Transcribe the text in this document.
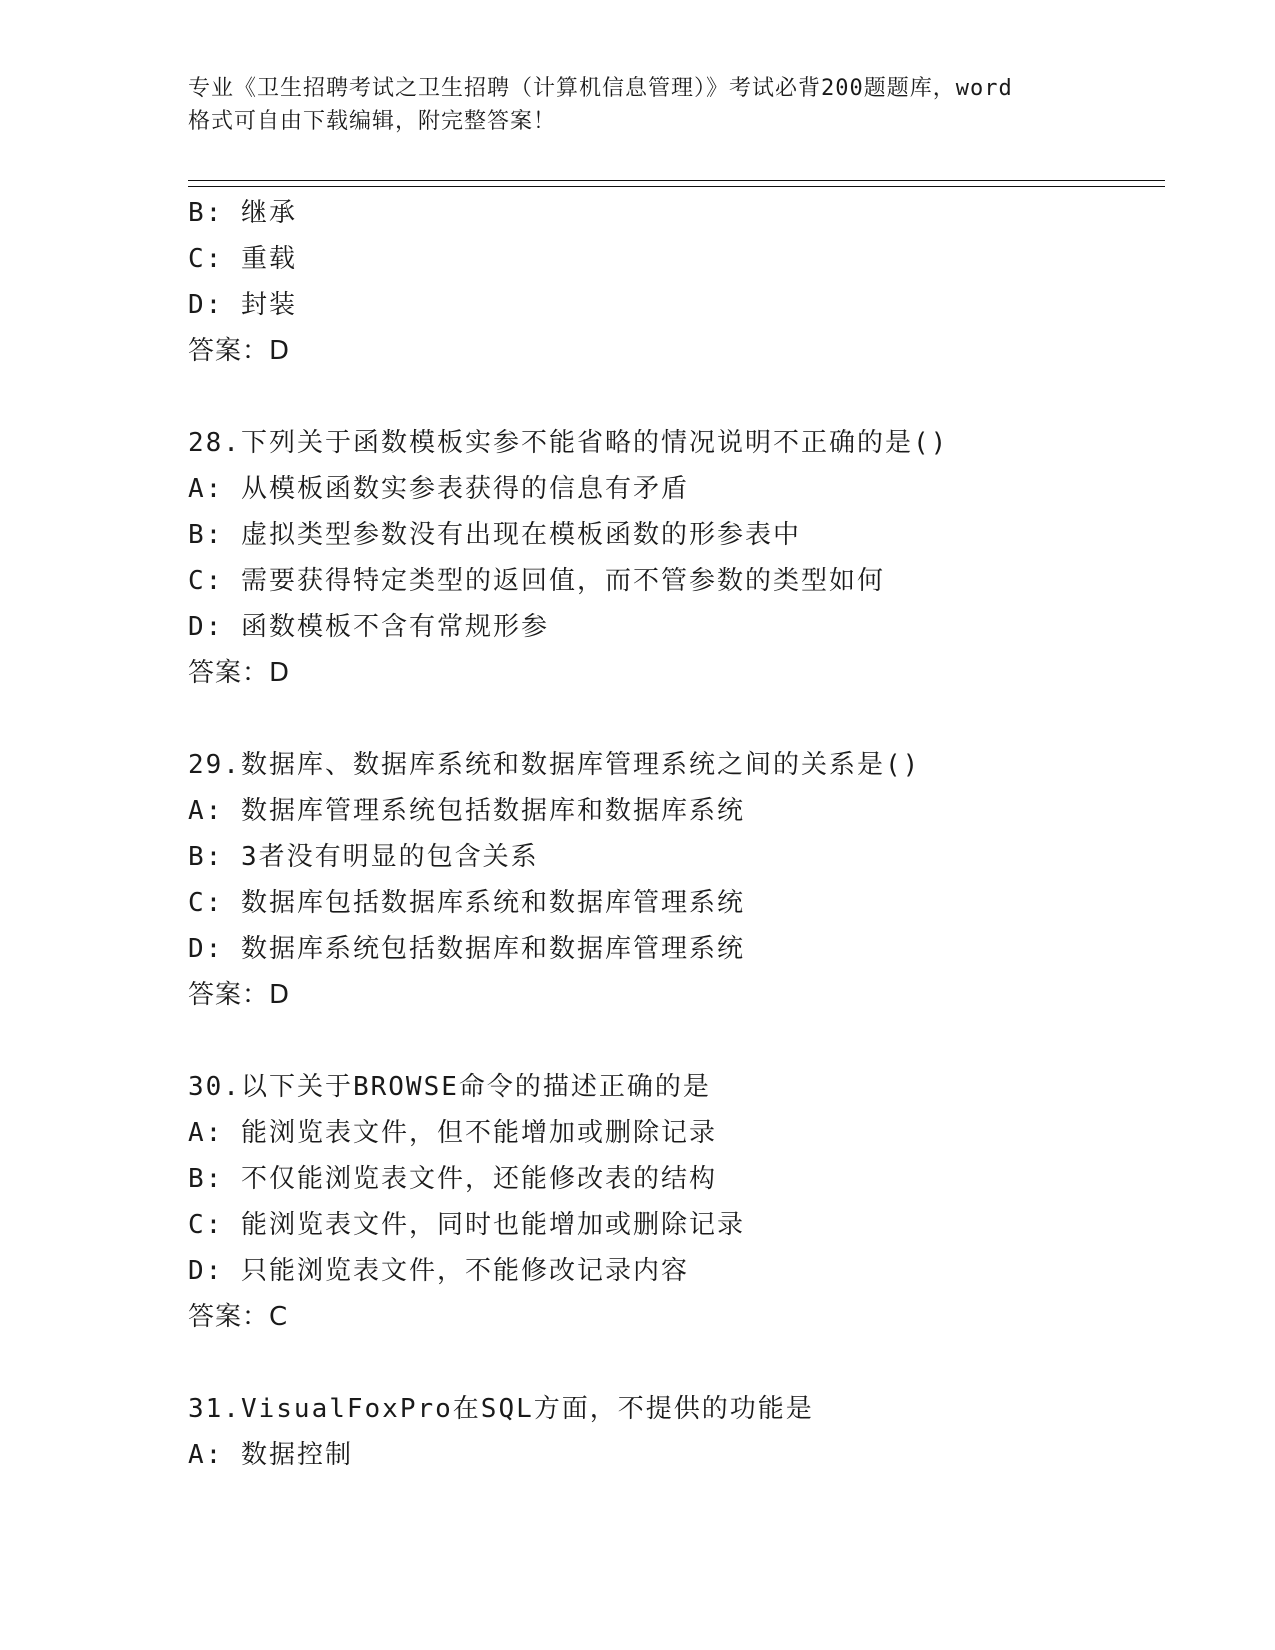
专业《卫生招聘考试之卫生招聘（计算机信息管理）》考试必背200题题库，word
格式可自由下载编辑，附完整答案！
B: 继承
C: 重载
D: 封装
答案：D
28.下列关于函数模板实参不能省略的情况说明不正确的是()
A: 从模板函数实参表获得的信息有矛盾
B: 虚拟类型参数没有出现在模板函数的形参表中
C: 需要获得特定类型的返回值，而不管参数的类型如何
D: 函数模板不含有常规形参
答案：D
29.数据库、数据库系统和数据库管理系统之间的关系是()
A: 数据库管理系统包括数据库和数据库系统
B: 3者没有明显的包含关系
C: 数据库包括数据库系统和数据库管理系统
D: 数据库系统包括数据库和数据库管理系统
答案：D
30.以下关于BROWSE命令的描述正确的是
A: 能浏览表文件，但不能增加或删除记录
B: 不仅能浏览表文件，还能修改表的结构
C: 能浏览表文件，同时也能增加或删除记录
D: 只能浏览表文件，不能修改记录内容
答案：C
31.VisualFoxPro在SQL方面，不提供的功能是
A: 数据控制
